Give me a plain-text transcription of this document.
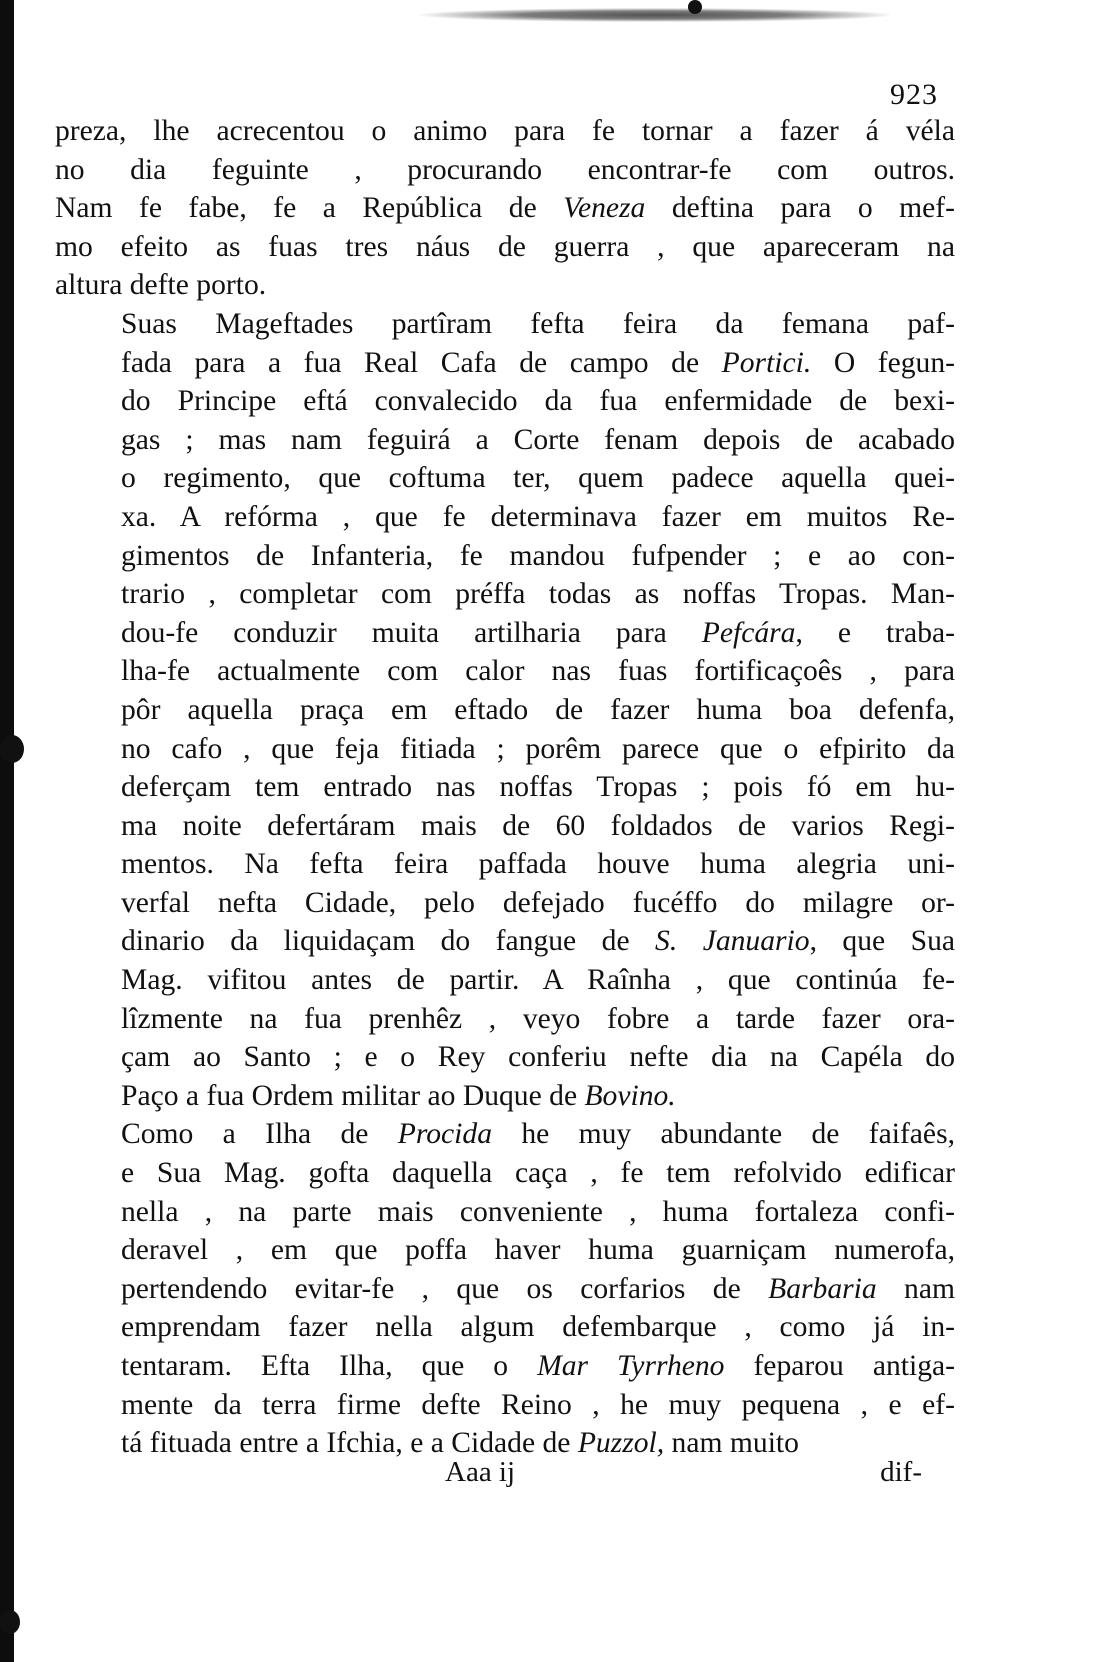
923

preza, lhe acrecentou o animo para fe tornar a fazer á véla
no dia feguinte , procurando encontrar-fe com outros.
Nam fe fabe, fe a República de Veneza deftina para o mef-
mo efeito as fuas tres náus de guerra , que apareceram na
altura defte porto.

Suas Mageftades partîram fefta feira da femana paf-
fada para a fua Real Cafa de campo de Portici. O fegun-
do Principe eftá convalecido da fua enfermidade de bexi-
gas ; mas nam feguirá a Corte fenam depois de acabado
o regimento, que coftuma ter, quem padece aquella quei-
xa. A refórma , que fe determinava fazer em muitos Re-
gimentos de Infanteria, fe mandou fufpender ; e ao con-
trario , completar com préffa todas as noffas Tropas. Man-
dou-fe conduzir muita artilharia para Pefcára, e traba-
lha-fe actualmente com calor nas fuas fortificaçoês , para
pôr aquella praça em eftado de fazer huma boa defenfa,
no cafo , que feja fitiada ; porêm parece que o efpirito da
deferçam tem entrado nas noffas Tropas ; pois fó em hu-
ma noite defertáram mais de 60 foldados de varios Regi-
mentos. Na fefta feira paffada houve huma alegria uni-
verfal nefta Cidade, pelo defejado fucéffo do milagre or-
dinario da liquidaçam do fangue de S. Januario, que Sua
Mag. vifitou antes de partir. A Raînha , que continúa fe-
lîzmente na fua prenhêz , veyo fobre a tarde fazer ora-
çam ao Santo ; e o Rey conferiu nefte dia na Capéla do
Paço a fua Ordem militar ao Duque de Bovino.

Como a Ilha de Procida he muy abundante de faifaês,
e Sua Mag. gofta daquella caça , fe tem refolvido edificar
nella , na parte mais conveniente , huma fortaleza confi-
deravel , em que poffa haver huma guarniçam numerofa,
pertendendo evitar-fe , que os corfarios de Barbaria nam
emprendam fazer nella algum defembarque , como já in-
tentaram. Efta Ilha, que o Mar Tyrrheno feparou antiga-
mente da terra firme defte Reino , he muy pequena , e ef-
tá fituada entre a Ifchia, e a Cidade de Puzzol, nam muito

Aaa ij	dif-
